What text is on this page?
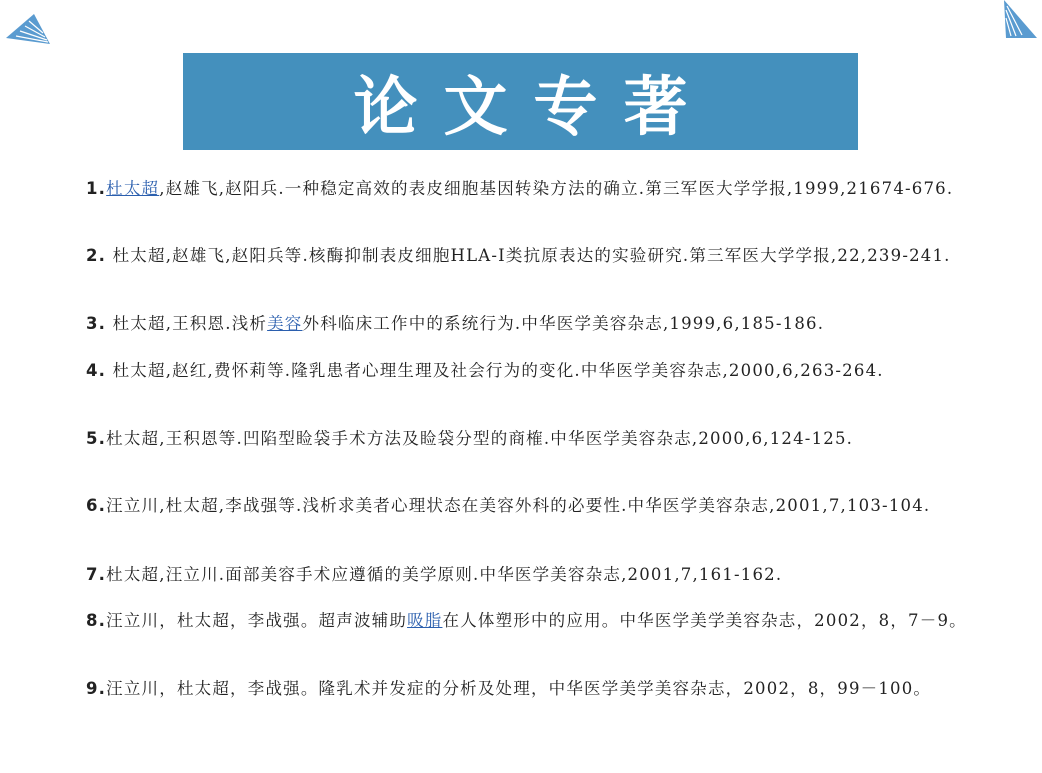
论文专著
1.杜太超,赵雄飞,赵阳兵.一种稳定高效的表皮细胞基因转染方法的确立.第三军医大学学报,1999,21674-676.
2. 杜太超,赵雄飞,赵阳兵等.核酶抑制表皮细胞HLA-Ⅰ类抗原表达的实验研究.第三军医大学学报,22,239-241.
3. 杜太超,王积恩.浅析美容外科临床工作中的系统行为.中华医学美容杂志,1999,6,185-186.
4. 杜太超,赵红,费怀莉等.隆乳患者心理生理及社会行为的变化.中华医学美容杂志,2000,6,263-264.
5.杜太超,王积恩等.凹陷型睑袋手术方法及睑袋分型的商榷.中华医学美容杂志,2000,6,124-125.
6.汪立川,杜太超,李战强等.浅析求美者心理状态在美容外科的必要性.中华医学美容杂志,2001,7,103-104.
7.杜太超,汪立川.面部美容手术应遵循的美学原则.中华医学美容杂志,2001,7,161-162.
8.汪立川，杜太超，李战强。超声波辅助吸脂在人体塑形中的应用。中华医学美学美容杂志，2002，8，7－9。
9.汪立川，杜太超，李战强。隆乳术并发症的分析及处理，中华医学美学美容杂志，2002，8，99－100。
